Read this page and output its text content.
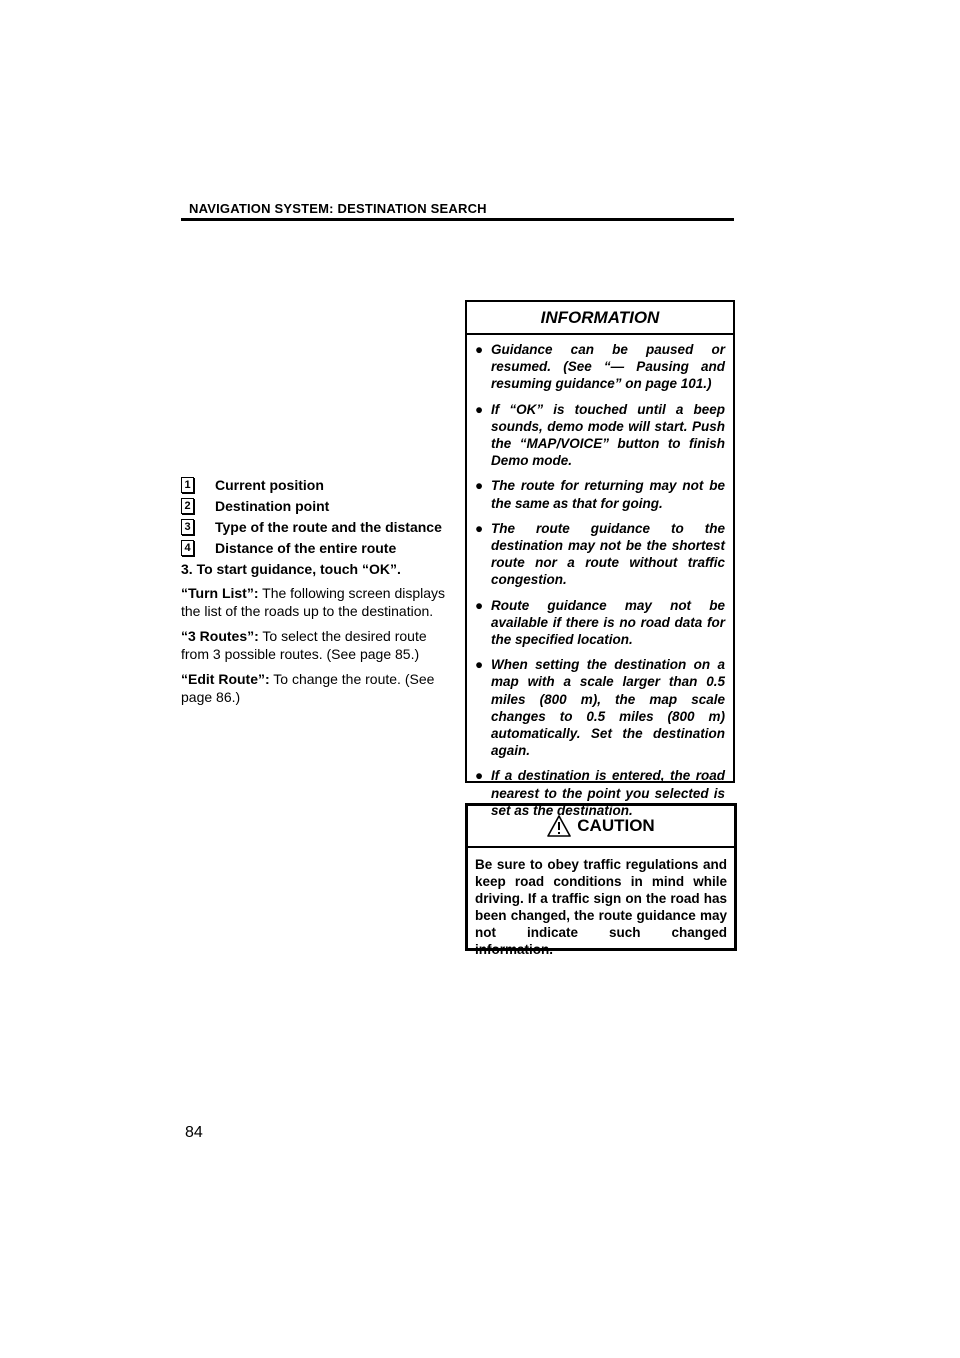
NAVIGATION SYSTEM: DESTINATION SEARCH
1 Current position
2 Destination point
3 Type of the route and the distance
4 Distance of the entire route
3. To start guidance, touch “OK”.

“Turn List”: The following screen displays the list of the roads up to the destination.

“3 Routes”: To select the desired route from 3 possible routes. (See page 85.)

“Edit Route”: To change the route. (See page 86.)

INFORMATION
● Guidance can be paused or resumed. (See “— Pausing and resuming guidance” on page 101.)
● If “OK” is touched until a beep sounds, demo mode will start. Push the “MAP/VOICE” button to finish Demo mode.
● The route for returning may not be the same as that for going.
● The route guidance to the destination may not be the shortest route nor a route without traffic congestion.
● Route guidance may not be available if there is no road data for the specified location.
● When setting the destination on a map with a scale larger than 0.5 miles (800 m), the map scale changes to 0.5 miles (800 m) automatically. Set the destination again.
● If a destination is entered, the road nearest to the point you selected is set as the destination.
CAUTION
Be sure to obey traffic regulations and keep road conditions in mind while driving. If a traffic sign on the road has been changed, the route guidance may not indicate such changed information.
84
